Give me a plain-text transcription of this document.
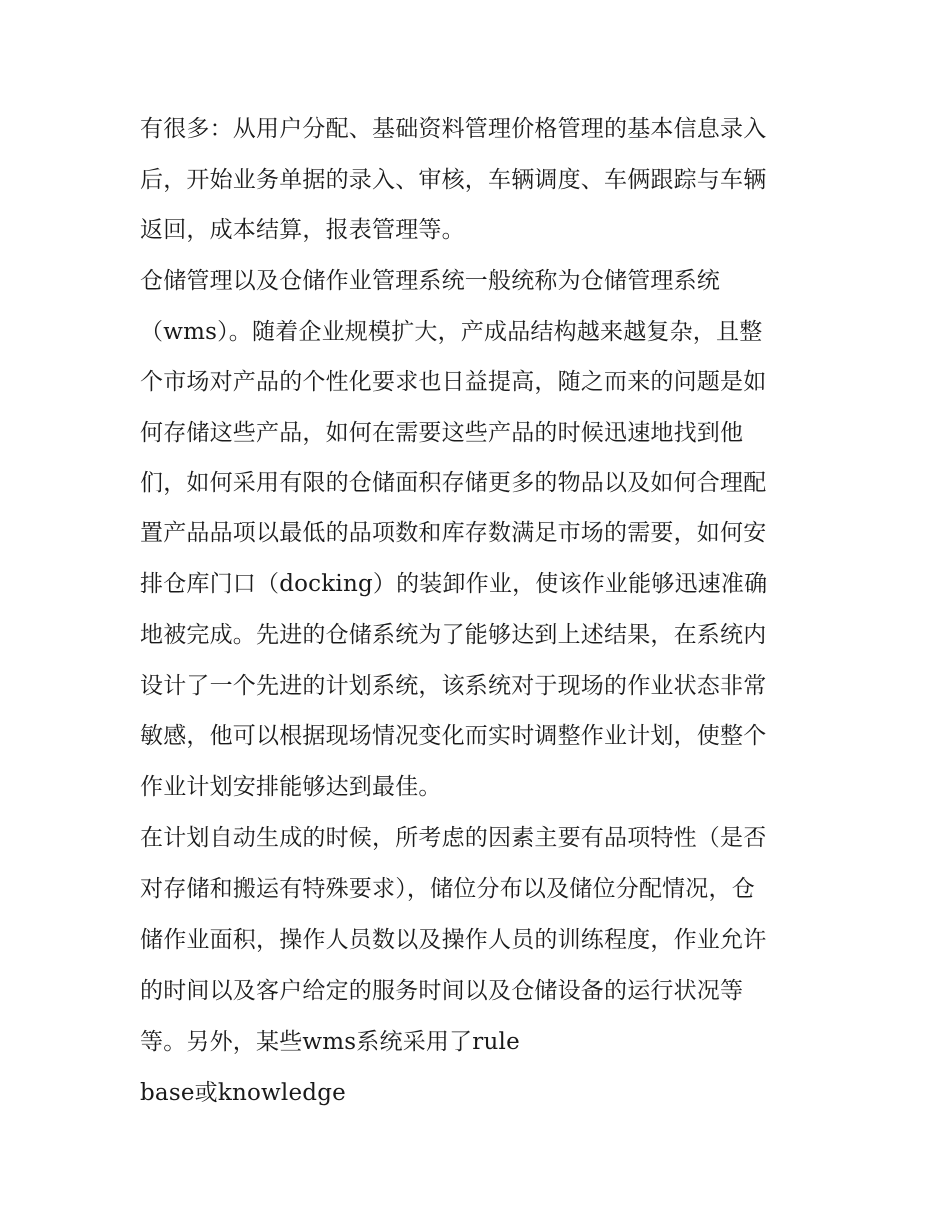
有很多：从用户分配、基础资料管理价格管理的基本信息录入
后，开始业务单据的录入、审核，车辆调度、车俩跟踪与车辆
返回，成本结算，报表管理等。
仓储管理以及仓储作业管理系统一般统称为仓储管理系统
（wms）。随着企业规模扩大，产成品结构越来越复杂，且整
个市场对产品的个性化要求也日益提高，随之而来的问题是如
何存储这些产品，如何在需要这些产品的时候迅速地找到他
们，如何采用有限的仓储面积存储更多的物品以及如何合理配
置产品品项以最低的品项数和库存数满足市场的需要，如何安
排仓库门口（docking）的装卸作业，使该作业能够迅速准确
地被完成。先进的仓储系统为了能够达到上述结果，在系统内
设计了一个先进的计划系统，该系统对于现场的作业状态非常
敏感，他可以根据现场情况变化而实时调整作业计划，使整个
作业计划安排能够达到最佳。
在计划自动生成的时候，所考虑的因素主要有品项特性（是否
对存储和搬运有特殊要求），储位分布以及储位分配情况，仓
储作业面积，操作人员数以及操作人员的训练程度，作业允许
的时间以及客户给定的服务时间以及仓储设备的运行状况等
等。另外，某些wms系统采用了rule
base或knowledge
